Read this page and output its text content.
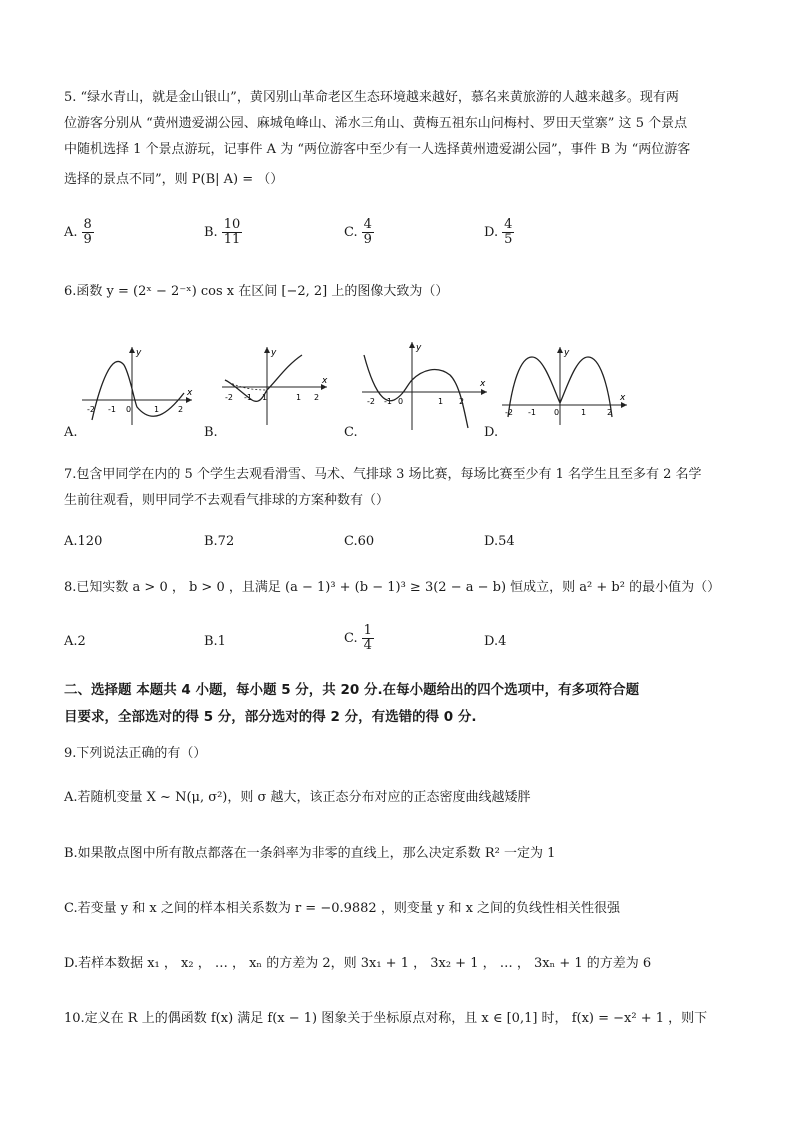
5. “绿水青山，就是金山银山”，黄冈别山革命老区生态环境越来越好，慕名来黄旅游的人越来越多。现有两
位游客分别从 “黄州遗爱湖公园、麻城龟峰山、浠水三角山、黄梅五祖东山问梅村、罗田天堂寨” 这 5 个景点
中随机选择 1 个景点游玩，记事件 A 为 “两位游客中至少有一人选择黄州遗爱湖公园”，事件 B 为 “两位游客
选择的景点不同”，则 P(B| A) = （）
A. $\frac{8}{9}$	B. $\frac{10}{11}$	C. $\frac{4}{9}$	D. $\frac{4}{5}$
6.函数 y = (2ˣ − 2⁻ˣ) cos x 在区间 [−2, 2] 上的图像大致为（）
A.
y
x
-2 -1 0	1 2
B.
y
x
-2 -1 1	1 2
C.
y
x
-2 -1 0	1 2
D.
y
x
-2 -1 0	1	2
7.包含甲同学在内的 5 个学生去观看滑雪、马术、气排球 3 场比赛，每场比赛至少有 1 名学生且至多有 2 名学
生前往观看，则甲同学不去观看气排球的方案种数有（）
A.120	B.72	C.60	D.54
8.已知实数 a > 0 ， b > 0 ，且满足 (a − 1)³ + (b − 1)³ ≥ 3(2 − a − b) 恒成立，则 a² + b² 的最小值为（）
A.2	B.1	C. $\frac{1}{4}$	D.4
二、选择题 本题共 4 小题，每小题 5 分，共 20 分.在每小题给出的四个选项中，有多项符合题
目要求，全部选对的得 5 分，部分选对的得 2 分，有选错的得 0 分.
9.下列说法正确的有（）
A.若随机变量 X ~ N(μ, σ²)，则 σ 越大，该正态分布对应的正态密度曲线越矮胖
B.如果散点图中所有散点都落在一条斜率为非零的直线上，那么决定系数 R² 一定为 1
C.若变量 y 和 x 之间的样本相关系数为 r = −0.9882 ，则变量 y 和 x 之间的负线性相关性很强
D.若样本数据 x₁ ， x₂ ， … ， xₙ 的方差为 2，则 3x₁ + 1 ， 3x₂ + 1 ， … ， 3xₙ + 1 的方差为 6
10.定义在 R 上的偶函数 f(x) 满足 f(x − 1) 图象关于坐标原点对称，且 x ∈ [0,1] 时， f(x) = −x² + 1 ，则下
